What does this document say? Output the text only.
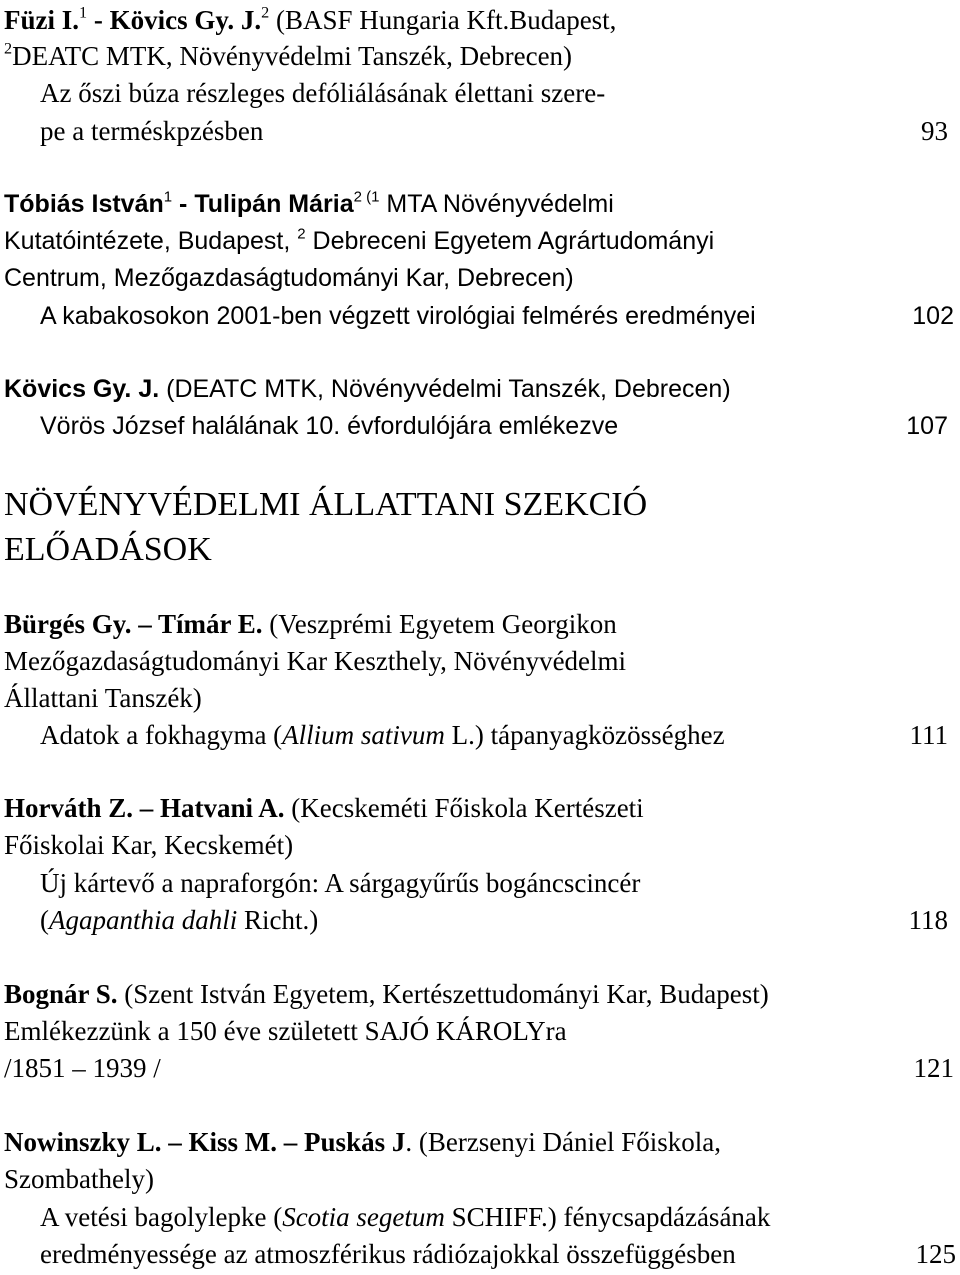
Füzi I.$^1$ - Kövics Gy. J.$^2$ (BASF Hungaria Kft.Budapest,
$^2$DEATC MTK, Növényvédelmi Tanszék, Debrecen)
Az őszi búza részleges defóliálásának élettani szere-
pe a terméskpzésben	93
Tóbiás István$^1$ - Tulipán Mária$^2$ $^{(1}$ MTA Növényvédelmi
Kutatóintézete, Budapest, $^2$ Debreceni Egyetem Agrártudományi
Centrum, Mezőgazdaságtudományi Kar, Debrecen)
A kabakosokon 2001-ben végzett virológiai felmérés eredményei	102
Kövics Gy. J. (DEATC MTK, Növényvédelmi Tanszék, Debrecen)
Vörös József halálának 10. évfordulójára emlékezve	107
NÖVÉNYVÉDELMI ÁLLATTANI SZEKCIÓ
ELŐADÁSOK
Bürgés Gy. – Tímár E. (Veszprémi Egyetem Georgikon
Mezőgazdaságtudományi Kar Keszthely, Növényvédelmi
Állattani Tanszék)
Adatok a fokhagyma (Allium sativum L.) tápanyagközösséghez	111
Horváth Z. – Hatvani A. (Kecskeméti Főiskola Kertészeti
Főiskolai Kar, Kecskemét)
Új kártevő a napraforgón: A sárgagyűrűs bogáncscincér
(Agapanthia dahli Richt.)	118
Bognár S. (Szent István Egyetem, Kertészettudományi Kar, Budapest)
Emlékezzünk a 150 éve született SAJÓ KÁROLYra
/1851 – 1939 /	121
Nowinszky L. – Kiss M. – Puskás J. (Berzsenyi Dániel Főiskola,
Szombathely)
A vetési bagolylepke (Scotia segetum SCHIFF.) fénycsapdázásának
eredményessége az atmoszférikus rádiózajokkal összefüggésben	125
